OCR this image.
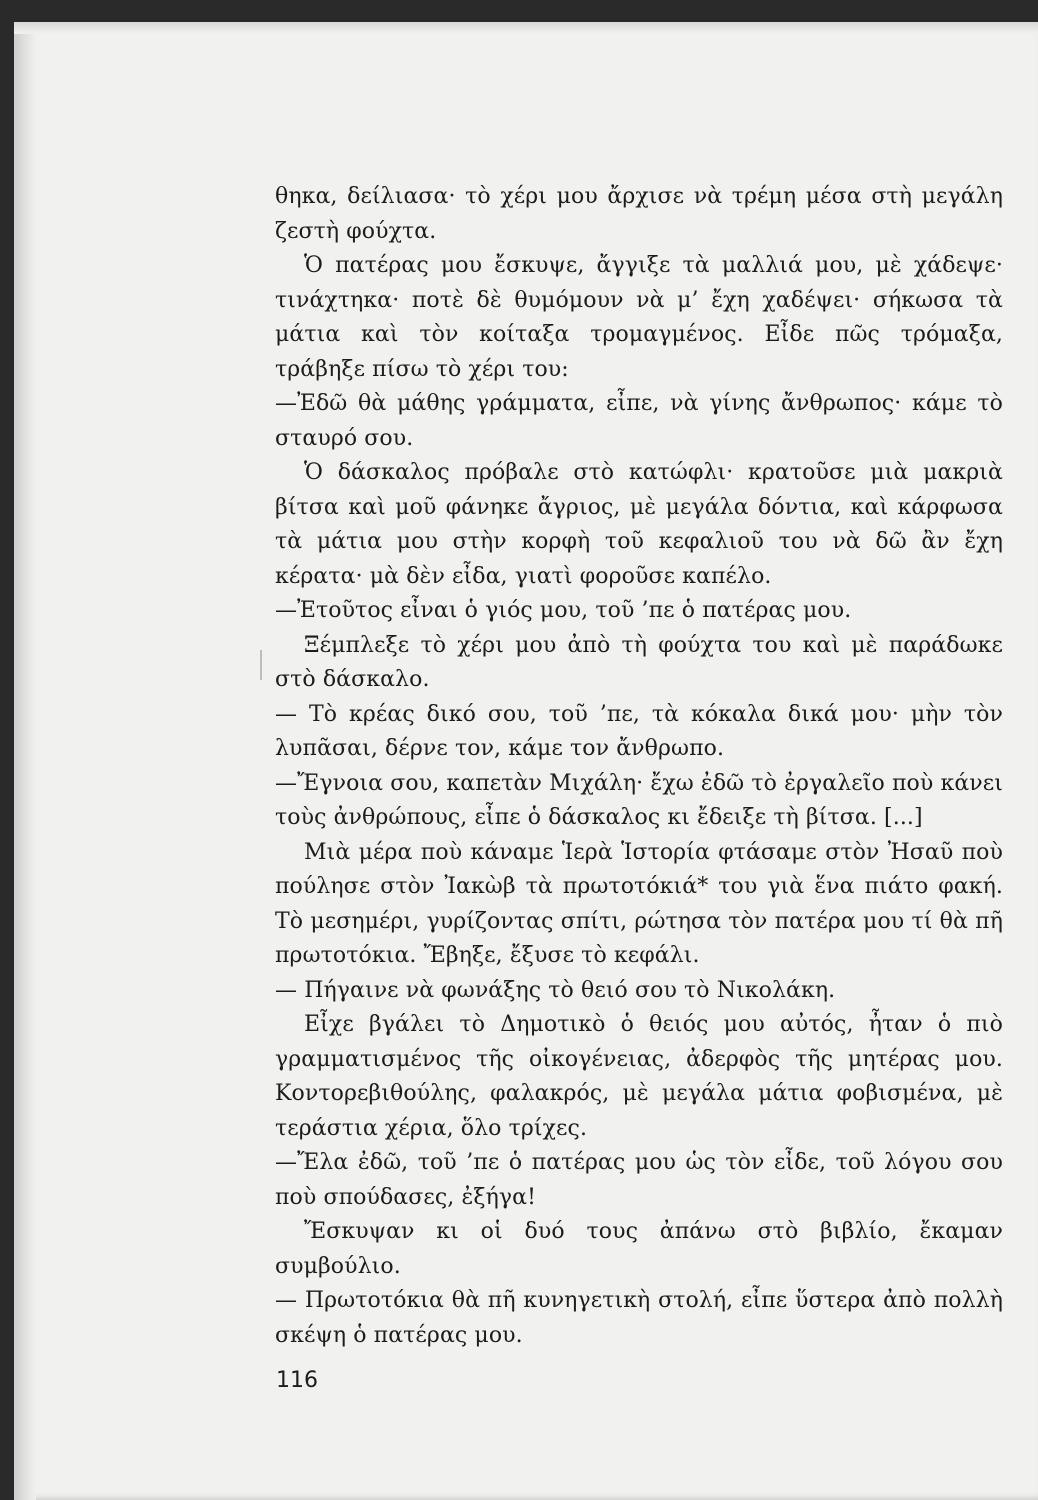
θηκα, δείλιασα· τὸ χέρι μου ἄρχισε νὰ τρέμη μέσα στὴ μεγάλη ζεστὴ φούχτα.

Ὁ πατέρας μου ἔσκυψε, ἄγγιξε τὰ μαλλιά μου, μὲ χάδεψε· τινάχτηκα· ποτὲ δὲ θυμόμουν νὰ μ’ ἔχη χαδέψει· σήκωσα τὰ μάτια καὶ τὸν κοίταξα τρομαγμένος. Εἶδε πῶς τρόμαξα, τράβηξε πίσω τὸ χέρι του:

—Ἐδῶ θὰ μάθης γράμματα, εἶπε, νὰ γίνης ἄνθρωπος· κάμε τὸ σταυρό σου.

Ὁ δάσκαλος πρόβαλε στὸ κατώφλι· κρατοῦσε μιὰ μακριὰ βίτσα καὶ μοῦ φάνηκε ἄγριος, μὲ μεγάλα δόντια, καὶ κάρφωσα τὰ μάτια μου στὴν κορφὴ τοῦ κεφαλιοῦ του νὰ δῶ ἂν ἔχη κέρατα· μὰ δὲν εἶδα, γιατὶ φοροῦσε καπέλο.

—Ἐτοῦτος εἶναι ὁ γιός μου, τοῦ ’πε ὁ πατέρας μου.

Ξέμπλεξε τὸ χέρι μου ἀπὸ τὴ φούχτα του καὶ μὲ παράδωκε στὸ δάσκαλο.

— Τὸ κρέας δικό σου, τοῦ ’πε, τὰ κόκαλα δικά μου· μὴν τὸν λυπᾶσαι, δέρνε τον, κάμε τον ἄνθρωπο.

—Ἔγνοια σου, καπετὰν Μιχάλη· ἔχω ἐδῶ τὸ ἐργαλεῖο ποὺ κάνει τοὺς ἀνθρώπους, εἶπε ὁ δάσκαλος κι ἔδειξε τὴ βίτσα. [...]

Μιὰ μέρα ποὺ κάναμε Ἱερὰ Ἱστορία φτάσαμε στὸν Ἠσαῦ ποὺ πούλησε στὸν Ἰακὼβ τὰ πρωτοτόκιά* του γιὰ ἕνα πιάτο φακή. Τὸ μεσημέρι, γυρίζοντας σπίτι, ρώτησα τὸν πατέρα μου τί θὰ πῆ πρωτοτόκια. Ἔβηξε, ἔξυσε τὸ κεφάλι.

— Πήγαινε νὰ φωνάξης τὸ θειό σου τὸ Νικολάκη.

Εἶχε βγάλει τὸ Δημοτικὸ ὁ θειός μου αὐτός, ἦταν ὁ πιὸ γραμματισμένος τῆς οἰκογένειας, ἀδερφὸς τῆς μητέρας μου. Κοντορεβιθούλης, φαλακρός, μὲ μεγάλα μάτια φοβισμένα, μὲ τεράστια χέρια, ὅλο τρίχες.

—Ἔλα ἐδῶ, τοῦ ’πε ὁ πατέρας μου ὡς τὸν εἶδε, τοῦ λόγου σου ποὺ σπούδασες, ἐξήγα!

Ἔσκυψαν κι οἱ δυό τους ἀπάνω στὸ βιβλίο, ἔκαμαν συμβούλιο.

— Πρωτοτόκια θὰ πῆ κυνηγετικὴ στολή, εἶπε ὕστερα ἀπὸ πολλὴ σκέψη ὁ πατέρας μου.

116
